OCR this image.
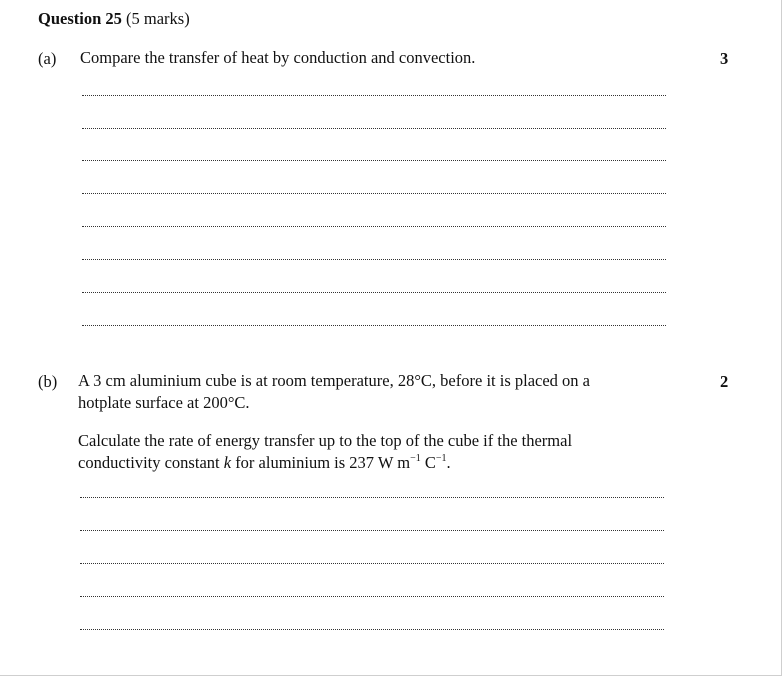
Question 25 (5 marks)
(a) Compare the transfer of heat by conduction and convection.	3
(b) A 3 cm aluminium cube is at room temperature, 28°C, before it is placed on a
hotplate surface at 200°C.
2
Calculate the rate of energy transfer up to the top of the cube if the thermal
conductivity constant k for aluminium is 237 W $m^{-1}$ $C^{-1}$.
